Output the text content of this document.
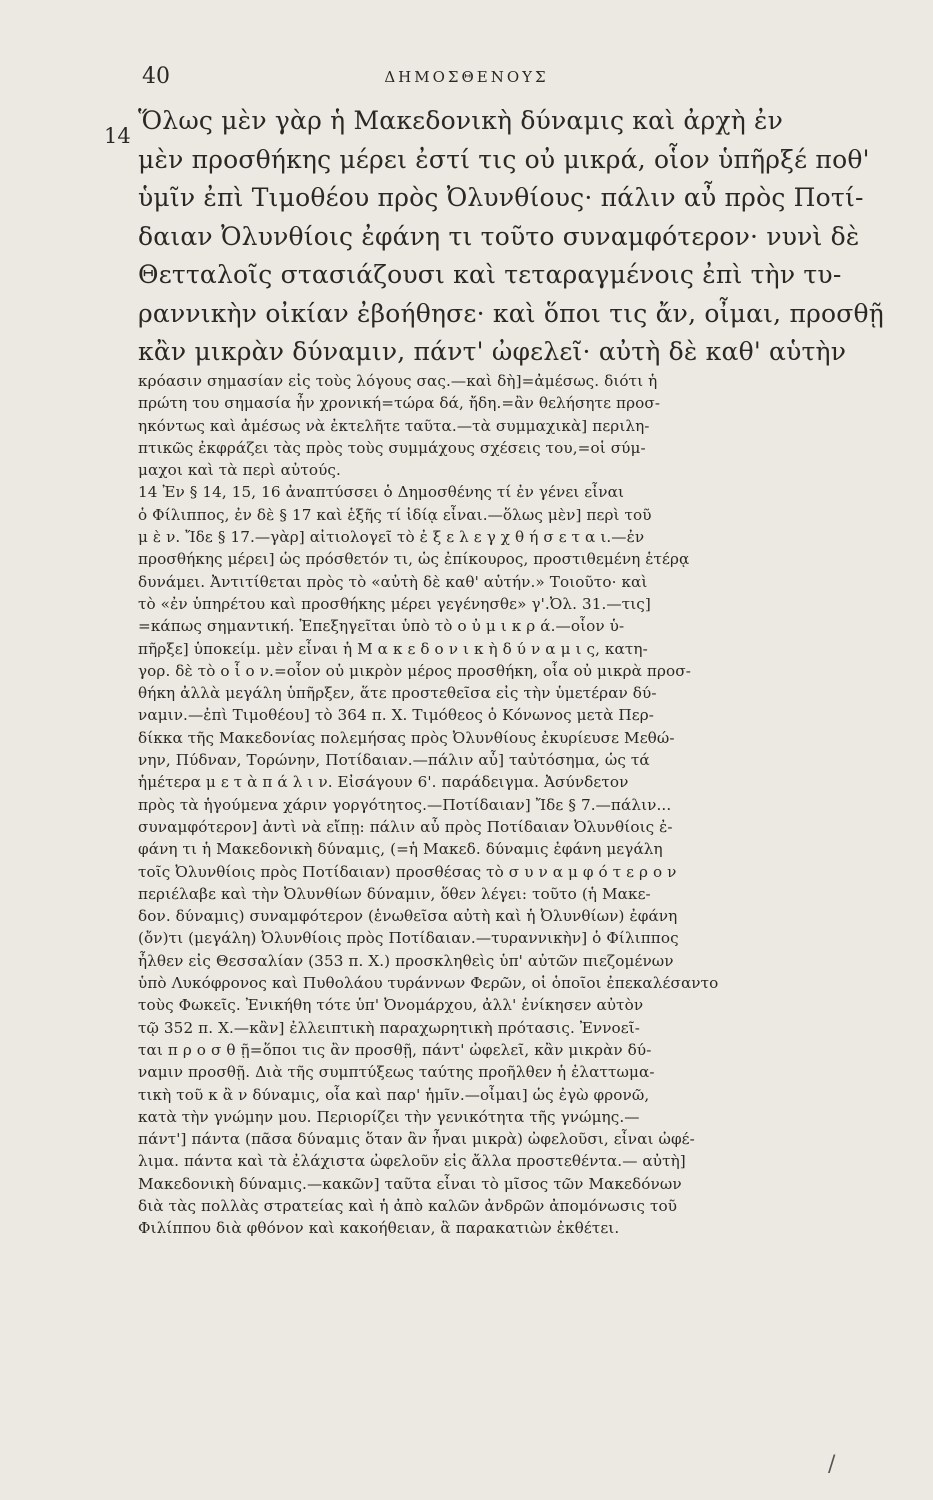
40	ΔΗΜΟΣΘΕΝΟΥΣ
14
Ὅλως μὲν γὰρ ἡ Μακεδονικὴ δύναμις καὶ ἀρχὴ ἐν
μὲν προσθήκης μέρει ἐστί τις οὐ μικρά, οἷον ὑπῆρξέ ποθ'
ὑμῖν ἐπὶ Τιμοθέου πρὸς Ὀλυνθίους· πάλιν αὖ πρὸς Ποτί-
δαιαν Ὀλυνθίοις ἐφάνη τι τοῦτο συναμφότερον· νυνὶ δὲ
Θετταλοῖς στασιάζουσι καὶ τεταραγμένοις ἐπὶ τὴν τυ-
ραννικὴν οἰκίαν ἐβοήθησε· καὶ ὅποι τις ἄν, οἶμαι, προσθῇ
κἂν μικρὰν δύναμιν, πάντ' ὠφελεῖ· αὐτὴ δὲ καθ' αὑτὴν
κρόασιν σημασίαν εἰς τοὺς λόγους σας.—καὶ δὴ]=ἀμέσως. διότι ἡ
πρώτη του σημασία ἦν χρονική=τώρα δά, ἤδη.=ἂν θελήσητε προσ-
ηκόντως καὶ ἀμέσως νὰ ἐκτελῆτε ταῦτα.—τὰ συμμαχικὰ] περιλη-
πτικῶς ἐκφράζει τὰς πρὸς τοὺς συμμάχους σχέσεις του,=οἱ σύμ-
μαχοι καὶ τὰ περὶ αὐτούς.
14 Ἐν § 14, 15, 16 ἀναπτύσσει ὁ Δημοσθένης τί ἐν γένει εἶναι
ὁ Φίλιππος, ἐν δὲ § 17 καὶ ἑξῆς τί ἰδίᾳ εἶναι.—ὅλως μὲν] περὶ τοῦ
μ ὲ ν. Ἴδε § 17.—γὰρ] αἰτιολογεῖ τὸ ἐ ξ ε λ ε γ χ θ ή σ ε τ α ι.—ἐν
προσθήκης μέρει] ὡς πρόσθετόν τι, ὡς ἐπίκουρος, προστιθεμένη ἑτέρᾳ
δυνάμει. Ἀντιτίθεται πρὸς τὸ «αὐτὴ δὲ καθ' αὑτήν.» Τοιοῦτο· καὶ
τὸ «ἐν ὑπηρέτου καὶ προσθήκης μέρει γεγένησθε» γ'.Ὀλ. 31.—τις]
=κάπως σημαντική. Ἐπεξηγεῖται ὑπὸ τὸ ο ὐ μ ι κ ρ ά.—οἷον ὑ-
πῆρξε] ὑποκείμ. μὲν εἶναι ἡ Μ α κ ε δ ο ν ι κ ὴ δ ύ ν α μ ι ς, κατη-
γορ. δὲ τὸ ο ἷ ο ν.=οἷον οὐ μικρὸν μέρος προσθήκη, οἷα οὐ μικρὰ προσ-
θήκη ἀλλὰ μεγάλη ὑπῆρξεν, ἅτε προστεθεῖσα εἰς τὴν ὑμετέραν δύ-
ναμιν.—ἐπὶ Τιμοθέου] τὸ 364 π. Χ. Τιμόθεος ὁ Κόνωνος μετὰ Περ-
δίκκα τῆς Μακεδονίας πολεμήσας πρὸς Ὀλυνθίους ἐκυρίευσε Μεθώ-
νην, Πύδναν, Τορώνην, Ποτίδαιαν.—πάλιν αὖ] ταὐτόσημα, ὡς τά
ἡμέτερα μ ε τ ὰ π ά λ ι ν. Εἰσάγουν 6'. παράδειγμα. Ἀσύνδετον
πρὸς τὰ ἡγούμενα χάριν γοργότητος.—Ποτίδαιαν] Ἴδε § 7.—πάλιν...
συναμφότερον] ἀντὶ νὰ εἴπῃ: πάλιν αὖ πρὸς Ποτίδαιαν Ὀλυνθίοις ἐ-
φάνη τι ἡ Μακεδονικὴ δύναμις, (=ἡ Μακεδ. δύναμις ἐφάνη μεγάλη
τοῖς Ὀλυνθίοις πρὸς Ποτίδαιαν) προσθέσας τὸ σ υ ν α μ φ ό τ ε ρ ο ν
περιέλαβε καὶ τὴν Ὀλυνθίων δύναμιν, ὅθεν λέγει: τοῦτο (ἡ Μακε-
δον. δύναμις) συναμφότερον (ἑνωθεῖσα αὐτὴ καὶ ἡ Ὀλυνθίων) ἐφάνη
(ὄν)τι (μεγάλη) Ὀλυνθίοις πρὸς Ποτίδαιαν.—τυραννικὴν] ὁ Φίλιππος
ἦλθεν εἰς Θεσσαλίαν (353 π. Χ.) προσκληθεὶς ὑπ' αὐτῶν πιεζομένων
ὑπὸ Λυκόφρονος καὶ Πυθολάου τυράννων Φερῶν, οἱ ὁποῖοι ἐπεκαλέσαντο
τοὺς Φωκεῖς. Ἐνικήθη τότε ὑπ' Ὀνομάρχου, ἀλλ' ἐνίκησεν αὐτὸν
τῷ 352 π. Χ.—κἂν] ἐλλειπτικὴ παραχωρητικὴ πρότασις. Ἐννοεῖ-
ται π ρ ο σ θ ῇ=ὅποι τις ἂν προσθῇ, πάντ' ὠφελεῖ, κἂν μικρὰν δύ-
ναμιν προσθῇ. Διὰ τῆς συμπτύξεως ταύτης προῆλθεν ἡ ἐλαττωμα-
τικὴ τοῦ κ ἂ ν δύναμις, οἷα καὶ παρ' ἡμῖν.—οἶμαι] ὡς ἐγὼ φρονῶ,
κατὰ τὴν γνώμην μου. Περιορίζει τὴν γενικότητα τῆς γνώμης.—
πάντ'] πάντα (πᾶσα δύναμις ὅταν ἂν ἦναι μικρὰ) ὠφελοῦσι, εἶναι ὠφέ-
λιμα. πάντα καὶ τὰ ἐλάχιστα ὠφελοῦν εἰς ἄλλα προστεθέντα.— αὐτὴ]
Μακεδονικὴ δύναμις.—κακῶν] ταῦτα εἶναι τὸ μῖσος τῶν Μακεδόνων
διὰ τὰς πολλὰς στρατείας καὶ ἡ ἀπὸ καλῶν ἀνδρῶν ἀπομόνωσις τοῦ
Φιλίππου διὰ φθόνον καὶ κακοήθειαν, ἃ παρακατιὼν ἐκθέτει.
/
